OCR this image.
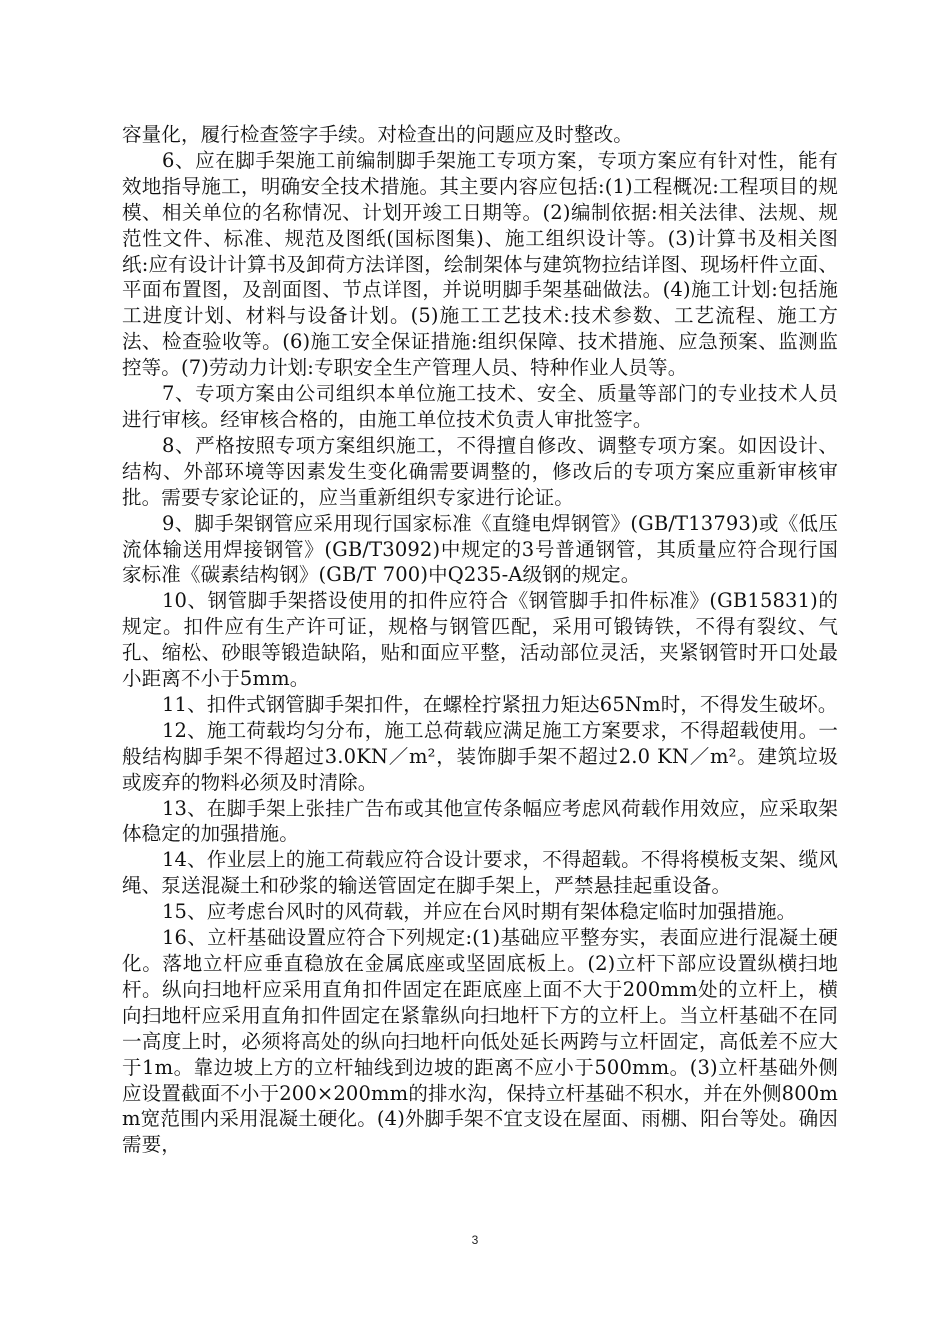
容量化，履行检查签字手续。对检查出的问题应及时整改。

6、应在脚手架施工前编制脚手架施工专项方案，专项方案应有针对性，能有效地指导施工，明确安全技术措施。其主要内容应包括:(1)工程概况:工程项目的规模、相关单位的名称情况、计划开竣工日期等。(2)编制依据:相关法律、法规、规范性文件、标准、规范及图纸(国标图集)、施工组织设计等。(3)计算书及相关图纸:应有设计计算书及卸荷方法详图，绘制架体与建筑物拉结详图、现场杆件立面、平面布置图，及剖面图、节点详图，并说明脚手架基础做法。(4)施工计划:包括施工进度计划、材料与设备计划。(5)施工工艺技术:技术参数、工艺流程、施工方法、检查验收等。(6)施工安全保证措施:组织保障、技术措施、应急预案、监测监控等。(7)劳动力计划:专职安全生产管理人员、特种作业人员等。

7、专项方案由公司组织本单位施工技术、安全、质量等部门的专业技术人员进行审核。经审核合格的，由施工单位技术负责人审批签字。

8、严格按照专项方案组织施工，不得擅自修改、调整专项方案。如因设计、结构、外部环境等因素发生变化确需要调整的，修改后的专项方案应重新审核审批。需要专家论证的，应当重新组织专家进行论证。

9、脚手架钢管应采用现行国家标准《直缝电焊钢管》(GB/T13793)或《低压流体输送用焊接钢管》(GB/T3092)中规定的3号普通钢管，其质量应符合现行国家标准《碳素结构钢》(GB/T 700)中Q235-A级钢的规定。

10、钢管脚手架搭设使用的扣件应符合《钢管脚手扣件标准》(GB15831)的规定。扣件应有生产许可证，规格与钢管匹配，采用可锻铸铁，不得有裂纹、气孔、缩松、砂眼等锻造缺陷，贴和面应平整，活动部位灵活，夹紧钢管时开口处最小距离不小于5mm。

11、扣件式钢管脚手架扣件，在螺栓拧紧扭力矩达65Nm时，不得发生破坏。

12、施工荷载均匀分布，施工总荷载应满足施工方案要求，不得超载使用。一般结构脚手架不得超过3.0KN／m²，装饰脚手架不超过2.0 KN／m²。建筑垃圾或废弃的物料必须及时清除。

13、在脚手架上张挂广告布或其他宣传条幅应考虑风荷载作用效应，应采取架体稳定的加强措施。

14、作业层上的施工荷载应符合设计要求，不得超载。不得将模板支架、缆风绳、泵送混凝土和砂浆的输送管固定在脚手架上，严禁悬挂起重设备。

15、应考虑台风时的风荷载，并应在台风时期有架体稳定临时加强措施。

16、立杆基础设置应符合下列规定:(1)基础应平整夯实，表面应进行混凝土硬化。落地立杆应垂直稳放在金属底座或坚固底板上。(2)立杆下部应设置纵横扫地杆。纵向扫地杆应采用直角扣件固定在距底座上面不大于200mm处的立杆上，横向扫地杆应采用直角扣件固定在紧靠纵向扫地杆下方的立杆上。当立杆基础不在同一高度上时，必须将高处的纵向扫地杆向低处延长两跨与立杆固定，高低差不应大于1m。靠边坡上方的立杆轴线到边坡的距离不应小于500mm。(3)立杆基础外侧应设置截面不小于200×200mm的排水沟，保持立杆基础不积水，并在外侧800mm宽范围内采用混凝土硬化。(4)外脚手架不宜支设在屋面、雨棚、阳台等处。确因需要，

3
